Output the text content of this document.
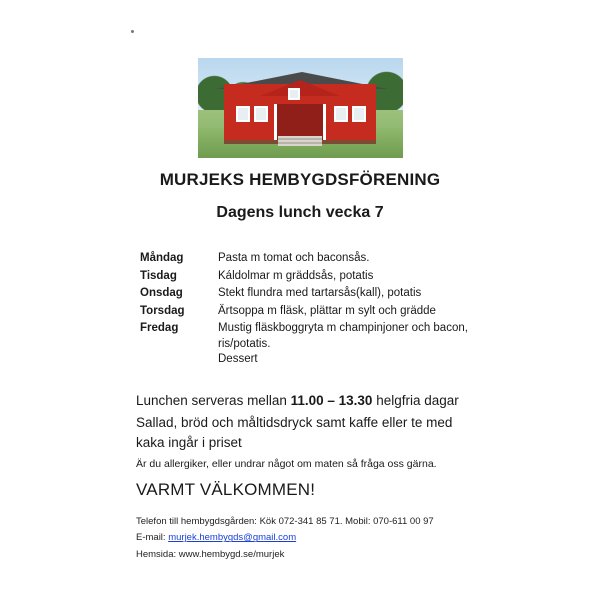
MURJEKS HEMBYGDSFÖRENING
Dagens lunch vecka 7
Måndag	Pasta m tomat och baconsås.
Tisdag	Káldolmar m gräddsås, potatis
Onsdag	Stekt flundra med tartarsås(kall), potatis
Torsdag	Ärtsoppa m fläsk, plättar m sylt och grädde
Fredag	Mustig fläskboggryta m champinjoner och bacon, ris/potatis.
Dessert

Lunchen serveras mellan 11.00 – 13.30 helgfria dagar

Sallad, bröd och måltidsdryck samt kaffe eller te med kaka ingår i priset

Är du allergiker, eller undrar något om maten så fråga oss gärna.

VARMT VÄLKOMMEN!
Telefon till hembygdsgården: Kök 072-341 85 71. Mobil: 070-611 00 97
E-mail: murjek.hembygds@gmail.com
Hemsida: www.hembygd.se/murjek
